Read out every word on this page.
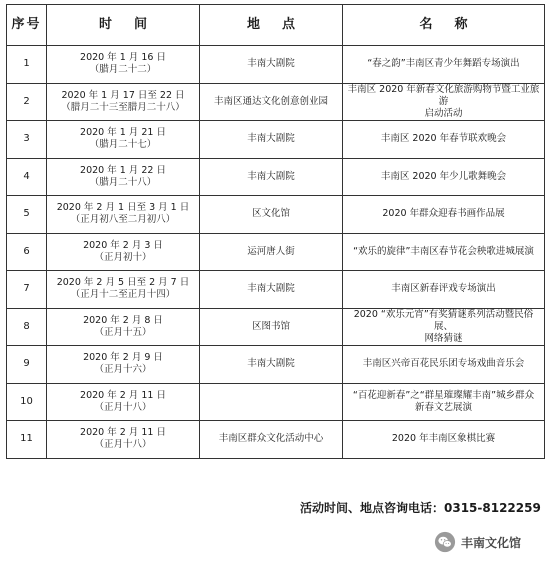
序号	时间	地点	名称
1	2020 年 1 月 16 日
（腊月二十二）	丰南大剧院	“春之韵”丰南区青少年舞蹈专场演出

2	2020 年 1 月 17 日至 22 日
（腊月二十三至腊月二十八）	丰南区通达文化创意创业园	丰南区 2020 年新春文化旅游购物节暨工业旅游
启动活动

3	2020 年 1 月 21 日
（腊月二十七）	丰南大剧院	丰南区 2020 年春节联欢晚会

4	2020 年 1 月 22 日
（腊月二十八）	丰南大剧院	丰南区 2020 年少儿歌舞晚会

5	2020 年 2 月 1 日至 3 月 1 日
（正月初八至二月初八）	区文化馆	2020 年群众迎春书画作品展

6	2020 年 2 月 3 日
（正月初十）	运河唐人街	“欢乐的旋律”丰南区春节花会秧歌进城展演

7	2020 年 2 月 5 日至 2 月 7 日
（正月十二至正月十四）	丰南大剧院	丰南区新春评戏专场演出

8	2020 年 2 月 8 日
（正月十五）	区图书馆	2020 “欢乐元宵”有奖猜谜系列活动暨民俗展、
网络猜谜

9	2020 年 2 月 9 日
（正月十六）	丰南大剧院	丰南区兴帝百花民乐团专场戏曲音乐会

10	2020 年 2 月 11 日
（正月十八）		“百花迎新春”之“群星璀璨耀丰南”城乡群众
新春文艺展演

11	2020 年 2 月 11 日
（正月十八）	丰南区群众文化活动中心	2020 年丰南区象棋比赛
活动时间、地点咨询电话：0315-8122259
丰南文化馆
